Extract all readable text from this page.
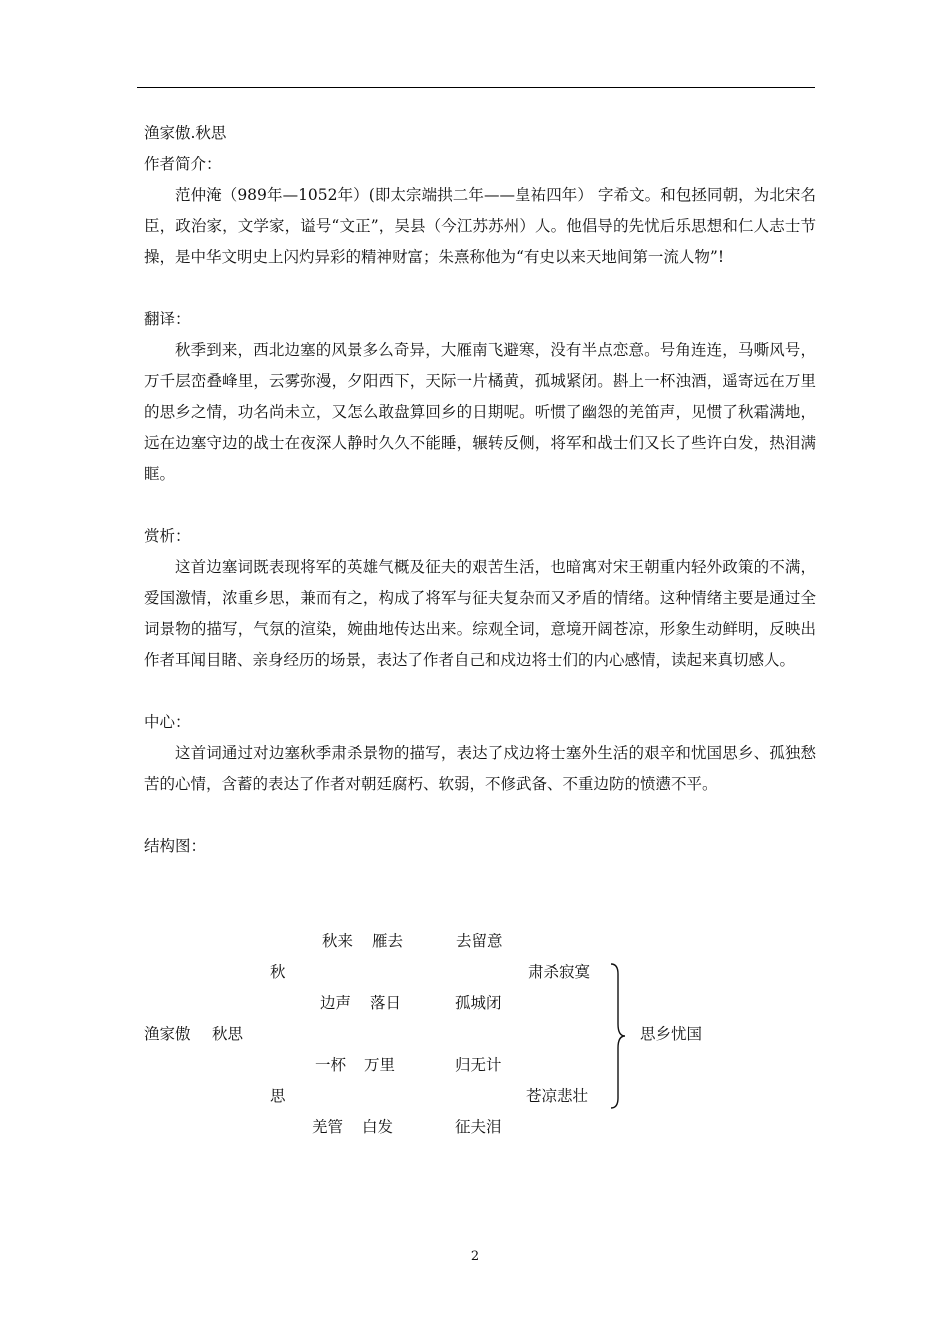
渔家傲.秋思

作者简介：

范仲淹（989年—1052年）(即太宗端拱二年——皇祐四年） 字希文。和包拯同朝，为北宋名臣，政治家，文学家，谥号“文正”，吴县（今江苏苏州）人。他倡导的先忧后乐思想和仁人志士节操，是中华文明史上闪灼异彩的精神财富；朱熹称他为“有史以来天地间第一流人物”!

翻译：

秋季到来，西北边塞的风景多么奇异，大雁南飞避寒，没有半点恋意。号角连连，马嘶风号，万千层峦叠峰里，云雾弥漫，夕阳西下，天际一片橘黄，孤城紧闭。斟上一杯浊酒，遥寄远在万里的思乡之情，功名尚未立，又怎么敢盘算回乡的日期呢。听惯了幽怨的羌笛声，见惯了秋霜满地，远在边塞守边的战士在夜深人静时久久不能睡，辗转反侧，将军和战士们又长了些许白发，热泪满眶。

赏析：

这首边塞词既表现将军的英雄气概及征夫的艰苦生活，也暗寓对宋王朝重内轻外政策的不满，爱国激情，浓重乡思，兼而有之，构成了将军与征夫复杂而又矛盾的情绪。这种情绪主要是通过全词景物的描写，气氛的渲染，婉曲地传达出来。综观全词，意境开阔苍凉，形象生动鲜明，反映出作者耳闻目睹、亲身经历的场景，表达了作者自己和戍边将士们的内心感情，读起来真切感人。

中心：

这首词通过对边塞秋季肃杀景物的描写，表达了戍边将士塞外生活的艰辛和忧国思乡、孤独愁苦的心情，含蓄的表达了作者对朝廷腐朽、软弱，不修武备、不重边防的愤懑不平。

结构图：

秋来 雁去	去留意
秋	肃杀寂寞
边声 落日	孤城闭
渔家傲 秋思	思乡忧国
一杯 万里	归无计
思	苍凉悲壮
羌管 白发	征夫泪
2
